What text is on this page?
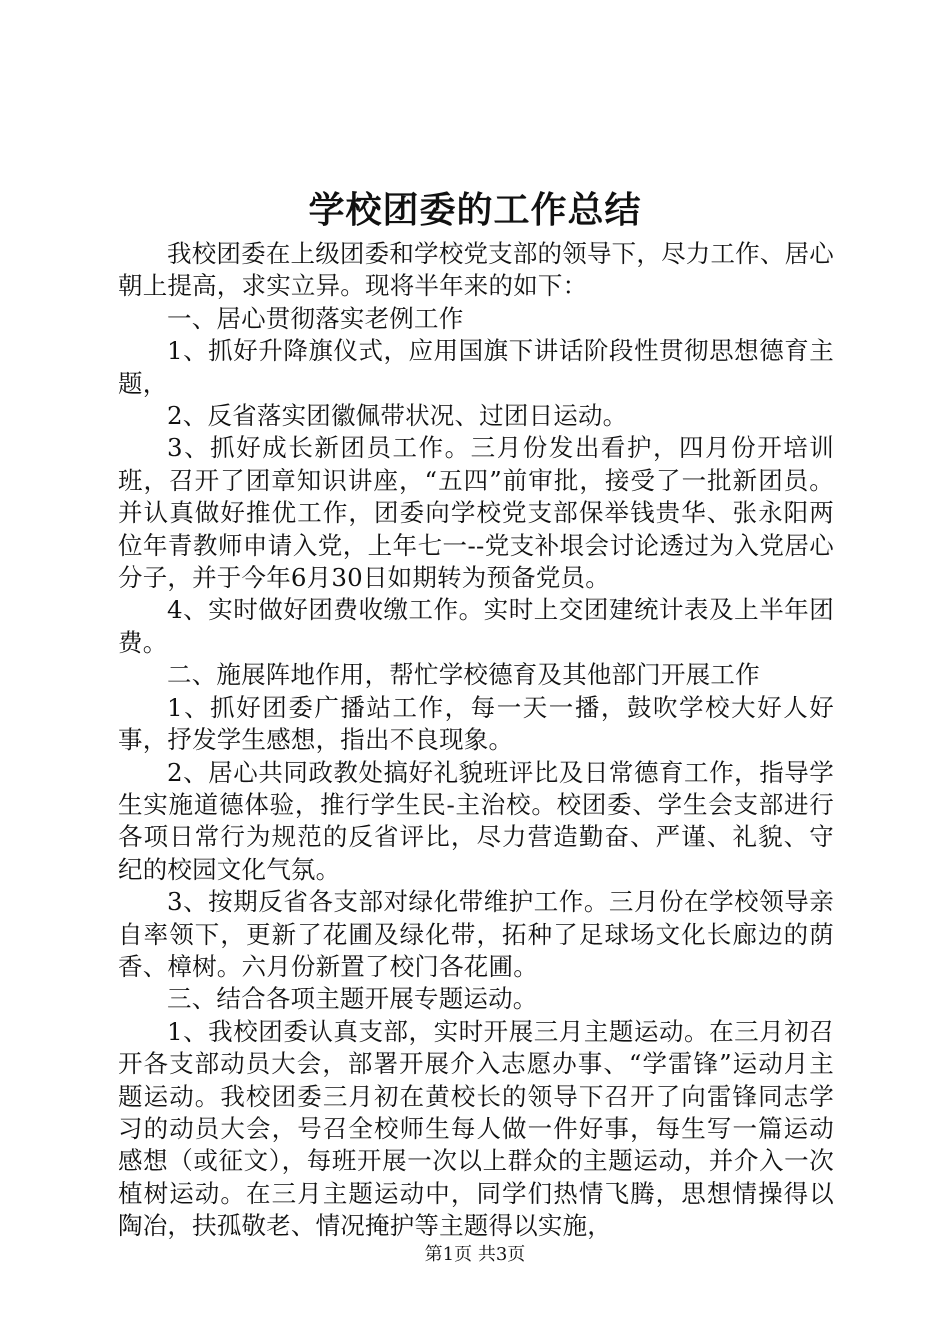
学校团委的工作总结

我校团委在上级团委和学校党支部的领导下，尽力工作、居心朝上提高，求实立异。现将半年来的如下：

一、居心贯彻落实老例工作

1、抓好升降旗仪式，应用国旗下讲话阶段性贯彻思想德育主题，

2、反省落实团徽佩带状况、过团日运动。

3、抓好成长新团员工作。三月份发出看护，四月份开培训班，召开了团章知识讲座，“五四”前审批，接受了一批新团员。并认真做好推优工作，团委向学校党支部保举钱贵华、张永阳两位年青教师申请入党，上年七一--党支补垠会讨论透过为入党居心分子，并于今年6月30日如期转为预备党员。

4、实时做好团费收缴工作。实时上交团建统计表及上半年团费。

二、施展阵地作用，帮忙学校德育及其他部门开展工作

1、抓好团委广播站工作，每一天一播，鼓吹学校大好人好事，抒发学生感想，指出不良现象。

2、居心共同政教处搞好礼貌班评比及日常德育工作，指导学生实施道德体验，推行学生民-主治校。校团委、学生会支部进行各项日常行为规范的反省评比，尽力营造勤奋、严谨、礼貌、守纪的校园文化气氛。

3、按期反省各支部对绿化带维护工作。三月份在学校领导亲自率领下，更新了花圃及绿化带，拓种了足球场文化长廊边的荫香、樟树。六月份新置了校门各花圃。

三、结合各项主题开展专题运动。

1、我校团委认真支部，实时开展三月主题运动。在三月初召开各支部动员大会，部署开展介入志愿办事、“学雷锋”运动月主题运动。我校团委三月初在黄校长的领导下召开了向雷锋同志学习的动员大会，号召全校师生每人做一件好事，每生写一篇运动感想（或征文），每班开展一次以上群众的主题运动，并介入一次植树运动。在三月主题运动中，同学们热情飞腾，思想情操得以陶冶，扶孤敬老、情况掩护等主题得以实施，

第1页 共3页
